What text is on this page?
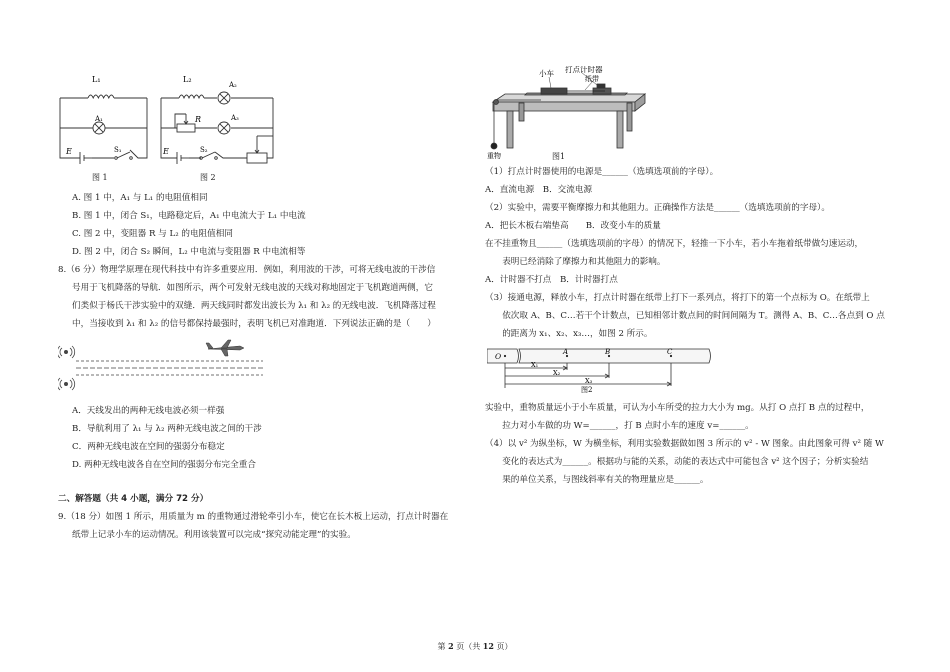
L₁
A₁
E	S₁
图 1
L₂
A₂
R	A₃
E	S₂
图 2
A. 图 1 中，A₁ 与 L₁ 的电阻值相同
B. 图 1 中，闭合 S₁，电路稳定后，A₁ 中电流大于 L₁ 中电流
C. 图 2 中，变阻器 R 与 L₂ 的电阻值相同
D. 图 2 中，闭合 S₂ 瞬间，L₂ 中电流与变阻器 R 中电流相等
8.（6 分）物理学原理在现代科技中有许多重要应用．例如，利用波的干涉，可将无线电波的干涉信
号用于飞机降落的导航．如图所示，两个可发射无线电波的天线对称地固定于飞机跑道两侧，它
们类似于杨氏干涉实验中的双缝．两天线同时都发出波长为 λ₁ 和 λ₂ 的无线电波．飞机降落过程
中，当接收到 λ₁ 和 λ₂ 的信号都保持最强时，表明飞机已对准跑道．下列说法正确的是（　　）
A．天线发出的两种无线电波必须一样强
B．导航利用了 λ₁ 与 λ₂ 两种无线电波之间的干涉
C．两种无线电波在空间的强弱分布稳定
D. 两种无线电波各自在空间的强弱分布完全重合
二、解答题（共 4 小题，满分 72 分）
9.（18 分）如图 1 所示，用质量为 m 的重物通过滑轮牵引小车，使它在长木板上运动，打点计时器在
纸带上记录小车的运动情况。利用该装置可以完成“探究动能定理”的实验。
打点计时器
小车
纸带
重物	图1
（1）打点计时器使用的电源是______（选填选项前的字母）。
A．直流电源　B．交流电源
（2）实验中，需要平衡摩擦力和其他阻力。正确操作方法是______（选填选项前的字母）。
A．把长木板右端垫高　　B．改变小车的质量
在不挂重物且______（选填选项前的字母）的情况下，轻推一下小车，若小车拖着纸带做匀速运动，
　　表明已经消除了摩擦力和其他阻力的影响。
A．计时器不打点　B．计时器打点
（3）接通电源，释放小车，打点计时器在纸带上打下一系列点，将打下的第一个点标为 O。在纸带上
　　依次取 A、B、C…若干个计数点，已知相邻计数点间的时间间隔为 T。测得 A、B、C…各点到 O 点
　　的距离为 x₁、x₂、x₃…，如图 2 所示。
O	A	B	C
X₁
X₂
X₃
图2
实验中，重物质量远小于小车质量，可认为小车所受的拉力大小为 mg。从打 O 点打 B 点的过程中，
　　拉力对小车做的功 W=______，打 B 点时小车的速度 v=______。
（4）以 v² 为纵坐标，W 为横坐标，利用实验数据做如图 3 所示的 v² - W 图象。由此图象可得 v² 随 W
　　变化的表达式为______。根据功与能的关系，动能的表达式中可能包含 v² 这个因子；分析实验结
　　果的单位关系，与图线斜率有关的物理量应是______。
第 2 页（共 12 页）
